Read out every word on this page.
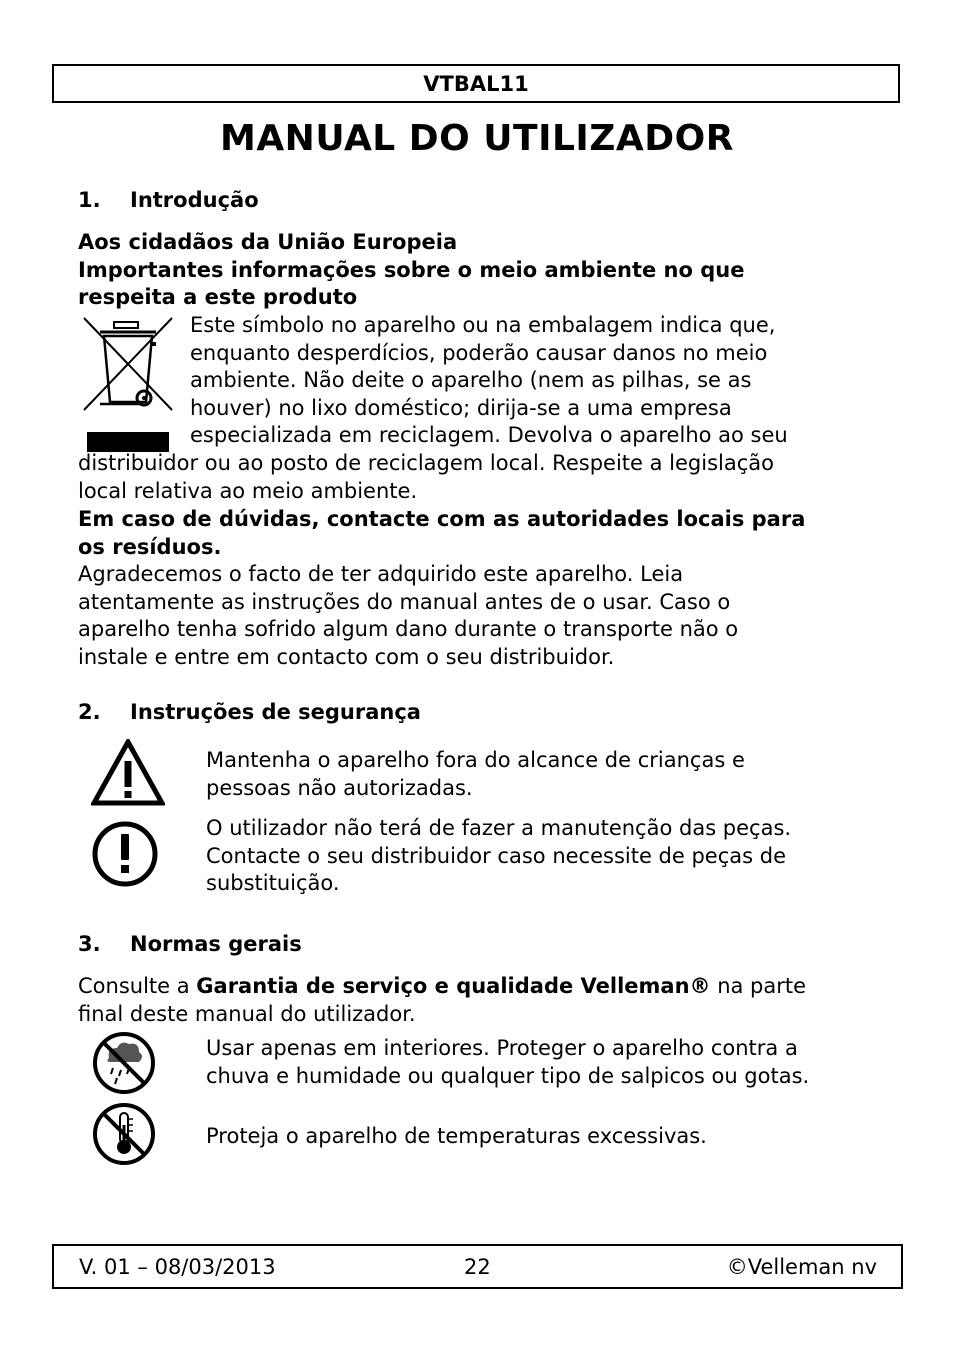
VTBAL11
MANUAL DO UTILIZADOR
1. Introdução
Aos cidadãos da União Europeia
Importantes informações sobre o meio ambiente no que
respeita a este produto
Este símbolo no aparelho ou na embalagem indica que,
enquanto desperdícios, poderão causar danos no meio
ambiente. Não deite o aparelho (nem as pilhas, se as
houver) no lixo doméstico; dirija-se a uma empresa
especializada em reciclagem. Devolva o aparelho ao seu
distribuidor ou ao posto de reciclagem local. Respeite a legislação
local relativa ao meio ambiente.
Em caso de dúvidas, contacte com as autoridades locais para
os resíduos.
Agradecemos o facto de ter adquirido este aparelho. Leia
atentamente as instruções do manual antes de o usar. Caso o
aparelho tenha sofrido algum dano durante o transporte não o
instale e entre em contacto com o seu distribuidor.
2. Instruções de segurança
Mantenha o aparelho fora do alcance de crianças e
pessoas não autorizadas.
O utilizador não terá de fazer a manutenção das peças.
Contacte o seu distribuidor caso necessite de peças de
substituição.
3. Normas gerais
Consulte a Garantia de serviço e qualidade Velleman® na parte
final deste manual do utilizador.
Usar apenas em interiores. Proteger o aparelho contra a
chuva e humidade ou qualquer tipo de salpicos ou gotas.
Proteja o aparelho de temperaturas excessivas.
V. 01 – 08/03/2013	22	©Velleman nv
